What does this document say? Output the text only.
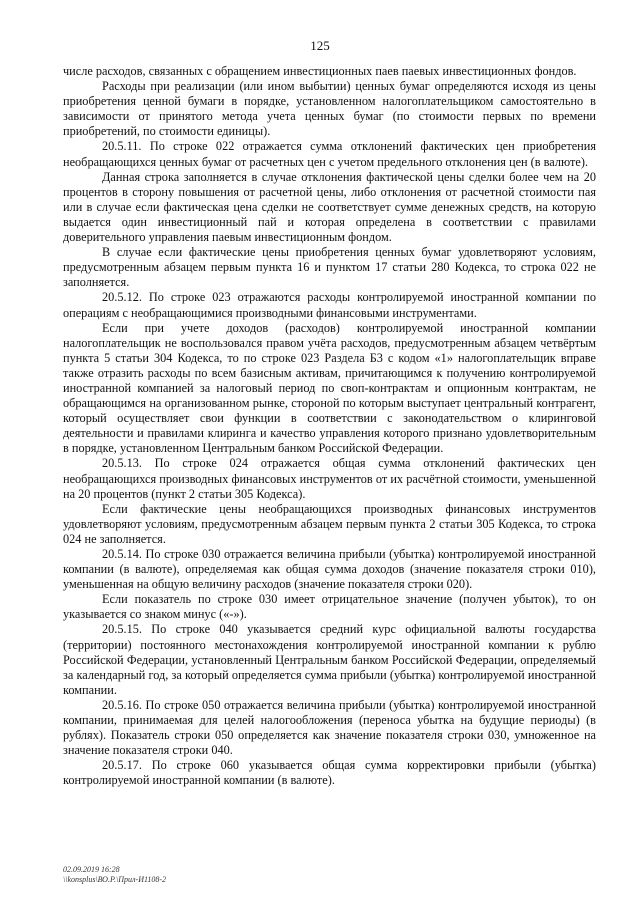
125

числе расходов, связанных с обращением инвестиционных паев паевых инвестиционных фондов.

Расходы при реализации (или ином выбытии) ценных бумаг определяются исходя из цены приобретения ценной бумаги в порядке, установленном налогоплательщиком самостоятельно в зависимости от принятого метода учета ценных бумаг (по стоимости первых по времени приобретений, по стоимости единицы).

20.5.11. По строке 022 отражается сумма отклонений фактических цен приобретения необращающихся ценных бумаг от расчетных цен с учетом предельного отклонения цен (в валюте).

Данная строка заполняется в случае отклонения фактической цены сделки более чем на 20 процентов в сторону повышения от расчетной цены, либо отклонения от расчетной стоимости пая или в случае если фактическая цена сделки не соответствует сумме денежных средств, на которую выдается один инвестиционный пай и которая определена в соответствии с правилами доверительного управления паевым инвестиционным фондом.

В случае если фактические цены приобретения ценных бумаг удовлетворяют условиям, предусмотренным абзацем первым пункта 16 и пунктом 17 статьи 280 Кодекса, то строка 022 не заполняется.

20.5.12. По строке 023 отражаются расходы контролируемой иностранной компании по операциям с необращающимися производными финансовыми инструментами.

Если при учете доходов (расходов) контролируемой иностранной компании налогоплательщик не воспользовался правом учёта расходов, предусмотренным абзацем четвёртым пункта 5 статьи 304 Кодекса, то по строке 023 Раздела Б3 с кодом «1» налогоплательщик вправе также отразить расходы по всем базисным активам, причитающимся к получению контролируемой иностранной компанией за налоговый период по своп-контрактам и опционным контрактам, не обращающимся на организованном рынке, стороной по которым выступает центральный контрагент, который осуществляет свои функции в соответствии с законодательством о клиринговой деятельности и правилами клиринга и качество управления которого признано удовлетворительным в порядке, установленном Центральным банком Российской Федерации.

20.5.13. По строке 024 отражается общая сумма отклонений фактических цен необращающихся производных финансовых инструментов от их расчётной стоимости, уменьшенной на 20 процентов (пункт 2 статьи 305 Кодекса).

Если фактические цены необращающихся производных финансовых инструментов удовлетворяют условиям, предусмотренным абзацем первым пункта 2 статьи 305 Кодекса, то строка 024 не заполняется.

20.5.14. По строке 030 отражается величина прибыли (убытка) контролируемой иностранной компании (в валюте), определяемая как общая сумма доходов (значение показателя строки 010), уменьшенная на общую величину расходов (значение показателя строки 020).

Если показатель по строке 030 имеет отрицательное значение (получен убыток), то он указывается со знаком минус («-»).

20.5.15. По строке 040 указывается средний курс официальной валюты государства (территории) постоянного местонахождения контролируемой иностранной компании к рублю Российской Федерации, установленный Центральным банком Российской Федерации, определяемый за календарный год, за который определяется сумма прибыли (убытка) контролируемой иностранной компании.

20.5.16. По строке 050 отражается величина прибыли (убытка) контролируемой иностранной компании, принимаемая для целей налогообложения (переноса убытка на будущие периоды) (в рублях). Показатель строки 050 определяется как значение показателя строки 030, умноженное на значение показателя строки 040.

20.5.17. По строке 060 указывается общая сумма корректировки прибыли (убытка) контролируемой иностранной компании (в валюте).

02.09.2019 16:28
\\konsplus\ВО.Р.\Прил-И1108-2
